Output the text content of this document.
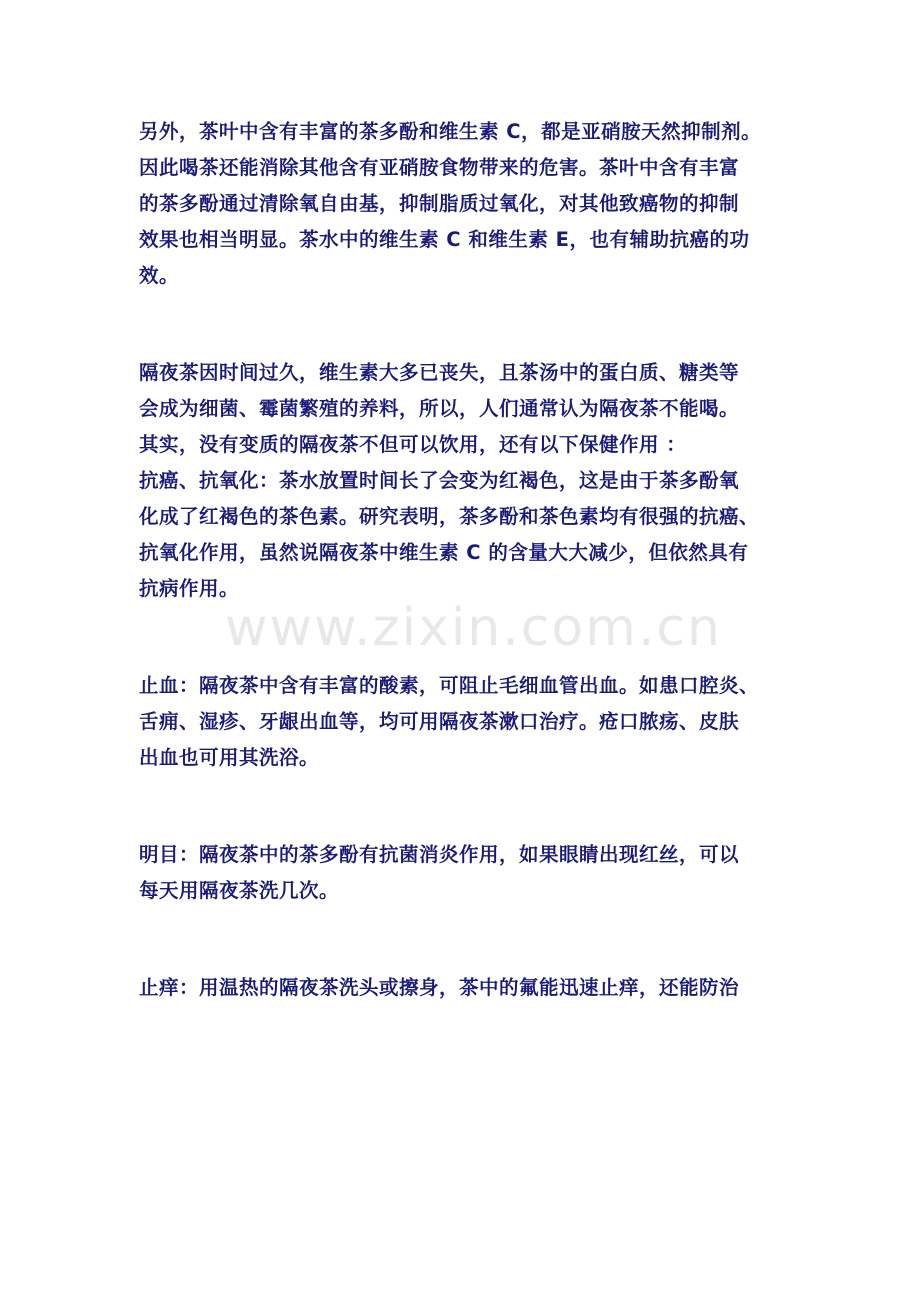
另外，茶叶中含有丰富的茶多酚和维生素 C，都是亚硝胺天然抑制剂。
因此喝茶还能消除其他含有亚硝胺食物带来的危害。茶叶中含有丰富
的茶多酚通过清除氧自由基，抑制脂质过氧化，对其他致癌物的抑制
效果也相当明显。茶水中的维生素 C 和维生素 E，也有辅助抗癌的功
效。

隔夜茶因时间过久，维生素大多已丧失，且茶汤中的蛋白质、糖类等
会成为细菌、霉菌繁殖的养料，所以，人们通常认为隔夜茶不能喝。
其实，没有变质的隔夜茶不但可以饮用，还有以下保健作用 ：
抗癌、抗氧化：茶水放置时间长了会变为红褐色，这是由于茶多酚氧
化成了红褐色的茶色素。研究表明，茶多酚和茶色素均有很强的抗癌、
抗氧化作用，虽然说隔夜茶中维生素 C 的含量大大减少，但依然具有
抗病作用。

止血：隔夜茶中含有丰富的酸素，可阻止毛细血管出血。如患口腔炎、
舌痈、湿疹、牙龈出血等，均可用隔夜茶漱口治疗。疮口脓疡、皮肤
出血也可用其洗浴。

明目：隔夜茶中的茶多酚有抗菌消炎作用，如果眼睛出现红丝，可以
每天用隔夜茶洗几次。

止痒：用温热的隔夜茶洗头或擦身，茶中的氟能迅速止痒，还能防治

www.zixin.com.cn
